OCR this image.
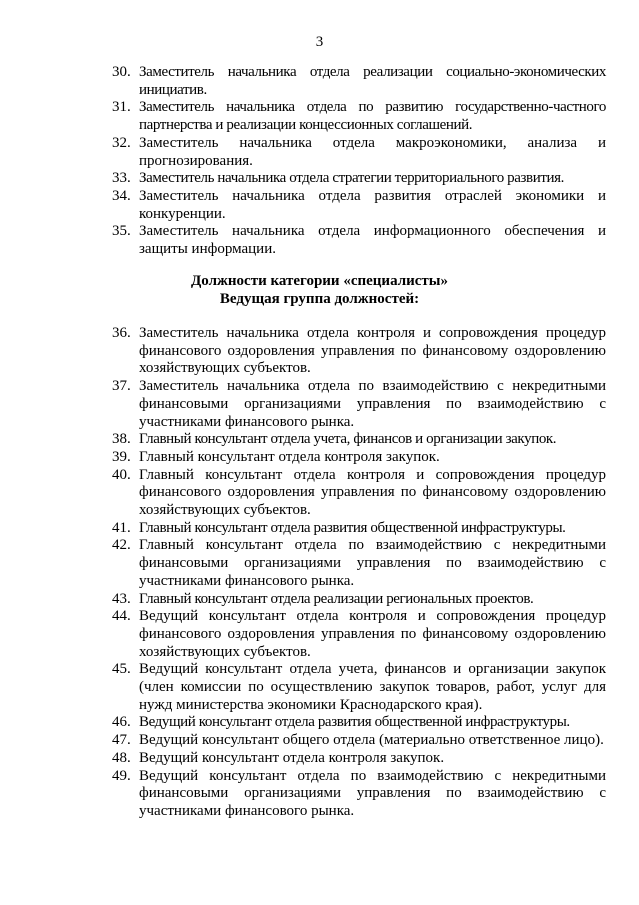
3
30. Заместитель начальника отдела реализации социально-экономических инициатив.
31. Заместитель начальника отдела по развитию государственно-частного партнерства и реализации концессионных соглашений.
32. Заместитель начальника отдела макроэкономики, анализа и прогнозирования.
33. Заместитель начальника отдела стратегии территориального развития.
34. Заместитель начальника отдела развития отраслей экономики и конкуренции.
35. Заместитель начальника отдела информационного обеспечения и защиты информации.
Должности категории «специалисты»
Ведущая группа должностей:
36. Заместитель начальника отдела контроля и сопровождения процедур финансового оздоровления управления по финансовому оздоровлению хозяйствующих субъектов.
37. Заместитель начальника отдела по взаимодействию с некредитными финансовыми организациями управления по взаимодействию с участниками финансового рынка.
38. Главный консультант отдела учета, финансов и организации закупок.
39. Главный консультант отдела контроля закупок.
40. Главный консультант отдела контроля и сопровождения процедур финансового оздоровления управления по финансовому оздоровлению хозяйствующих субъектов.
41. Главный консультант отдела развития общественной инфраструктуры.
42. Главный консультант отдела по взаимодействию с некредитными финансовыми организациями управления по взаимодействию с участниками финансового рынка.
43. Главный консультант отдела реализации региональных проектов.
44. Ведущий консультант отдела контроля и сопровождения процедур финансового оздоровления управления по финансовому оздоровлению хозяйствующих субъектов.
45. Ведущий консультант отдела учета, финансов и организации закупок (член комиссии по осуществлению закупок товаров, работ, услуг для нужд министерства экономики Краснодарского края).
46. Ведущий консультант отдела развития общественной инфраструктуры.
47. Ведущий консультант общего отдела (материально ответственное лицо).
48. Ведущий консультант отдела контроля закупок.
49. Ведущий консультант отдела по взаимодействию с некредитными финансовыми организациями управления по взаимодействию с участниками финансового рынка.
